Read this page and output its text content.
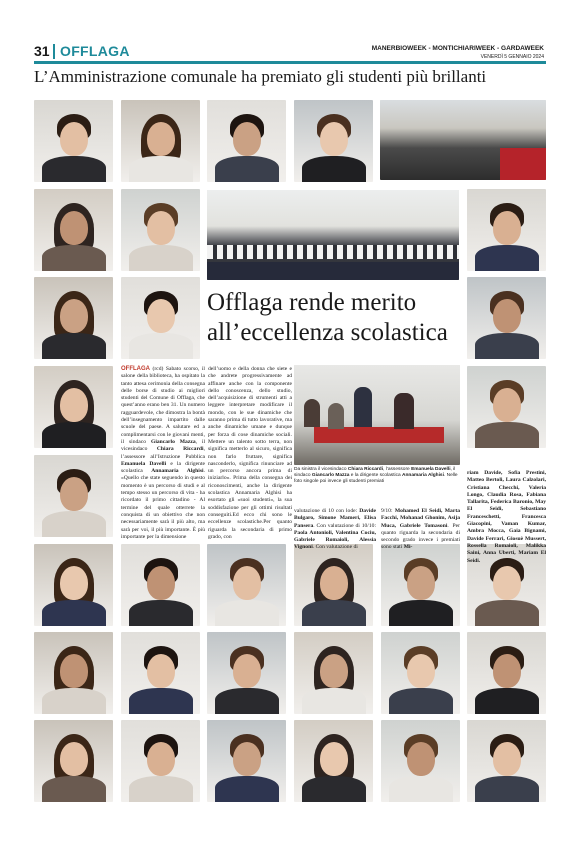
31 OFFLAGA	MANERBIOWEEK - MONTICHIARIWEEK - GARDAWEEK
VENERDÌ 5 GENNAIO 2024
L’Amministrazione comunale ha premiato gli studenti più brillanti
Offlaga rende merito all’eccellenza scolastica
OFFLAGA (rcd) Sabato scorso, il salone della biblioteca, ha ospitato la tanto attesa cerimonia della consegna delle borse di studio ai migliori studenti del Comune di Offlaga, che quest’anno erano ben 31. Un numero ragguardevole, che dimostra la bontà dell’insegnamento impartito dalle scuole del paese. A salutare ed a complimentarsi con le giovani menti, il sindaco Giancarlo Mazza, il vicesindaco Chiara Riccardi, l’assessore all’Istruzione Pubblica Emanuela Davelli e la dirigente scolastica Annamaria Alghisi. «Quello che state seguendo in questo momento è un percorso di studi e al tempo stesso un percorso di vita - ha ricordato il primo cittadino - Al termine del quale otterrete la conquista di un obiettivo che non necessariamente sarà il più alto, ma sarà per voi, il più importante. È più importante per la dimensione
dell’uomo e della donna che siete e che andrete progressivamente ad affinare anche con la componente dello conoscenza, dello studio, dell’acquisizione di strumenti atti a leggere interpretare modificare il mondo, con le sue dinamiche che saranno prima di tutto lavorative, ma anche dinamiche umane e dunque per forza di cose dinamiche sociali. Mettere un talento sotto terra, non significa metterlo al sicuro, significa non farlo fruttare, significa nasconderlo, significa rinunciare ad un percorso ancora prima di iniziarlo». Prima della consegna dei riconoscimenti, anche la dirigente scolastica Annamaria Alghisi ha esortato gli «suoi studenti», la sua soddisfazione per gli ottimi risultati conseguiti.Ed ecco chi sono le eccellenze scolastiche.Per quanto riguarda la secondaria di primo grado, con
valutazione di 10 con lode: Davide Bulgaro, Simone Mameri, Elisa Pansera. Con valutazione di 10/10: Paola Antonioli, Valentina Cociu, Gabriele Romaioli, Alessia Vignoni. Con valutazione di
9/10: Mohamed El Seidi, Marta Facchi, Mohanad Ghonim, Asija Muca, Gabriele Tomasoni. Per quanto riguarda la secondaria di secondo grado invece i premiati sono stati Mi-
riam Davide, Sofia Prestini, Matteo Bertoli, Laura Calzolari, Cristiana Checchi, Valeria Longo, Claudia Rosa, Fabiana Tallarita, Federica Baronio, May El Seidi, Sebastiano Franceschetti, Francesca Giacopini, Vaman Kumar, Ambra Mocca, Gaia Bignami, Davide Ferrari, Giosuè Mussert, Rossella Romaioli, Malikka Saini, Anna Uberti, Mariam El Seidi.
Da sinistra il vicesindaco Chiara Riccardi, l’assessore Emanuela Davelli, il sindaco Giancarlo Mazza e la dirigente scolastica Annamaria Alghisi. Nelle foto singole poi invece gli studenti premiati
